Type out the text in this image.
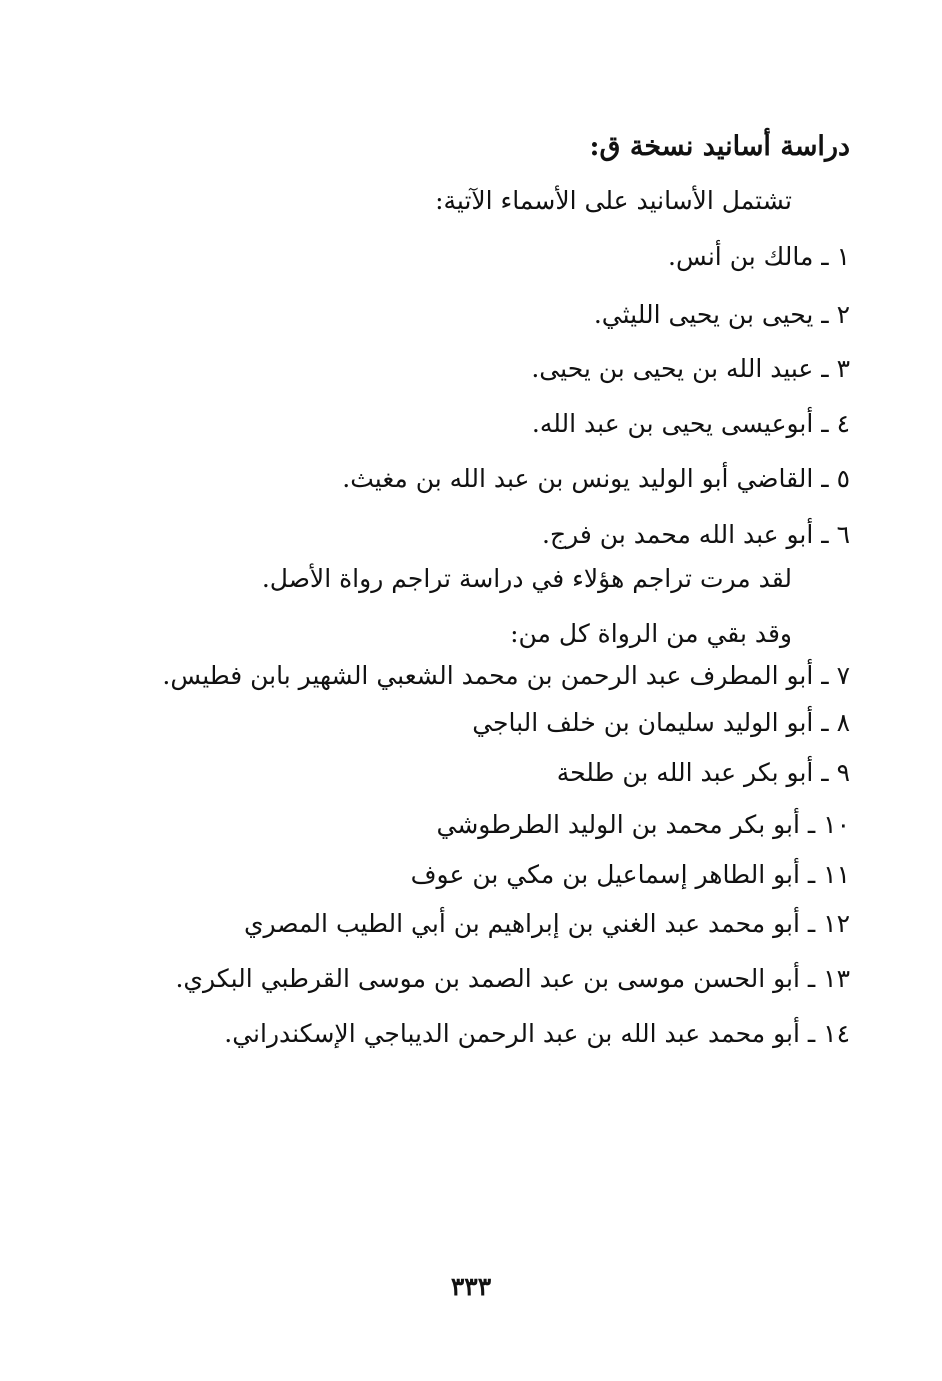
دراسة أسانيد نسخة ق:
تشتمل الأسانيد على الأسماء الآتية:
١ ـ مالك بن أنس.
٢ ـ يحيى بن يحيى الليثي.
٣ ـ عبيد الله بن يحيى بن يحيى.
٤ ـ أبوعيسى يحيى بن عبد الله.
٥ ـ القاضي أبو الوليد يونس بن عبد الله بن مغيث.
٦ ـ أبو عبد الله محمد بن فرج.
لقد مرت تراجم هؤلاء في دراسة تراجم رواة الأصل.
وقد بقي من الرواة كل من:
٧ ـ أبو المطرف عبد الرحمن بن محمد الشعبي الشهير بابن فطيس.
٨ ـ أبو الوليد سليمان بن خلف الباجي
٩ ـ أبو بكر عبد الله بن طلحة
١٠ ـ أبو بكر محمد بن الوليد الطرطوشي
١١ ـ أبو الطاهر إسماعيل بن مكي بن عوف
١٢ ـ أبو محمد عبد الغني بن إبراهيم بن أبي الطيب المصري
١٣ ـ أبو الحسن موسى بن عبد الصمد بن موسى القرطبي البكري.
١٤ ـ أبو محمد عبد الله بن عبد الرحمن الديباجي الإسكندراني.
٣٣٣
